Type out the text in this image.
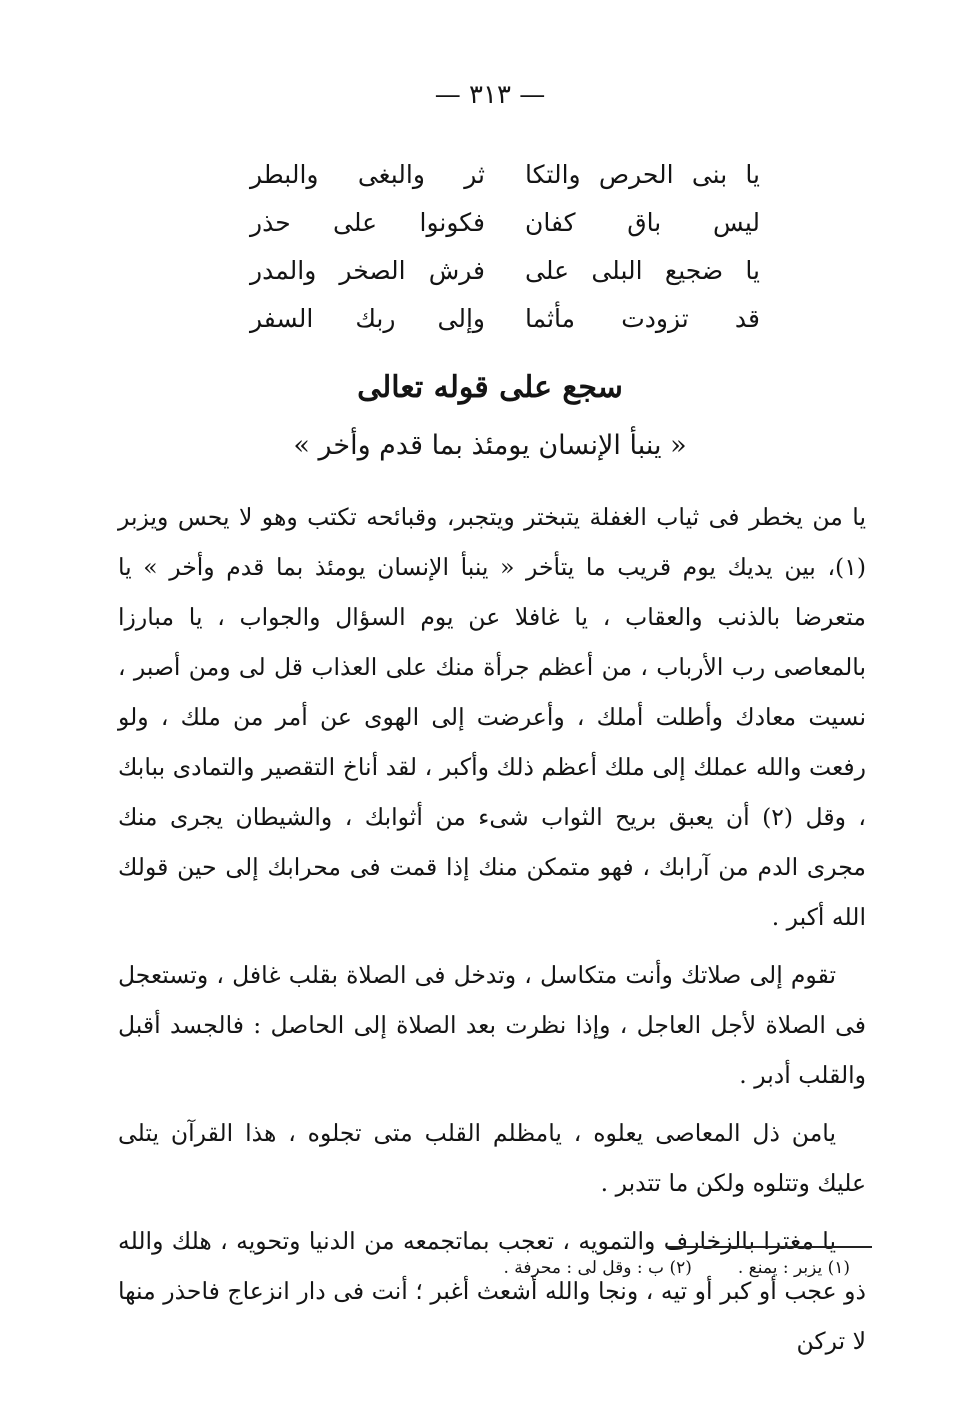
— ٣١٣ —
يا بنى الحرص والتكا
ثر والبغى والبطر
ليس باق كفان
فكونوا على حذر
يا ضجيع البلى على
فرش الصخر والمدر
قد تزودت مأثما
وإلى ربك السفر
سجع على قوله تعالى
« ينبأ الإنسان يومئذ بما قدم وأخر »

يا من يخطر فى ثياب الغفلة يتبختر ويتجبر، وقبائحه تكتب وهو لا يحس ويزبر (١)، بين يديك يوم قريب ما يتأخر « ينبأ الإنسان يومئذ بما قدم وأخر » يا متعرضا بالذنب والعقاب ، يا غافلا عن يوم السؤال والجواب ، يا مبارزا بالمعاصى رب الأرباب ، من أعظم جرأة منك على العذاب قل لى ومن أصبر ، نسيت معادك وأطلت أملك ، وأعرضت إلى الهوى عن أمر من ملك ، ولو رفعت والله عملك إلى ملك أعظم ذلك وأكبر ، لقد أناخ التقصير والتمادى ببابك ، وقل (٢) أن يعبق بريح الثواب شىء من أثوابك ، والشيطان يجرى منك مجرى الدم من آرابك ، فهو متمكن منك إذا قمت فى محرابك إلى حين قولك الله أكبر .

تقوم إلى صلاتك وأنت متكاسل ، وتدخل فى الصلاة بقلب غافل ، وتستعجل فى الصلاة لأجل العاجل ، وإذا نظرت بعد الصلاة إلى الحاصل : فالجسد أقبل والقلب أدبر .

يامن ذل المعاصى يعلوه ، يامظلم القلب متى تجلوه ، هذا القرآن يتلى عليك وتتلوه ولكن ما تتدبر .

يا مغترا بالزخارف والتمويه ، تعجب بماتجمعه من الدنيا وتحويه ، هلك والله ذو عجب أو كبر أو تيه ، ونجا والله أشعث أغبر ؛ أنت فى دار انزعاج فاحذر منها لا تركن

(١) يزبر : يمنع .
(٢) ب : وقل لى : محرفة .
